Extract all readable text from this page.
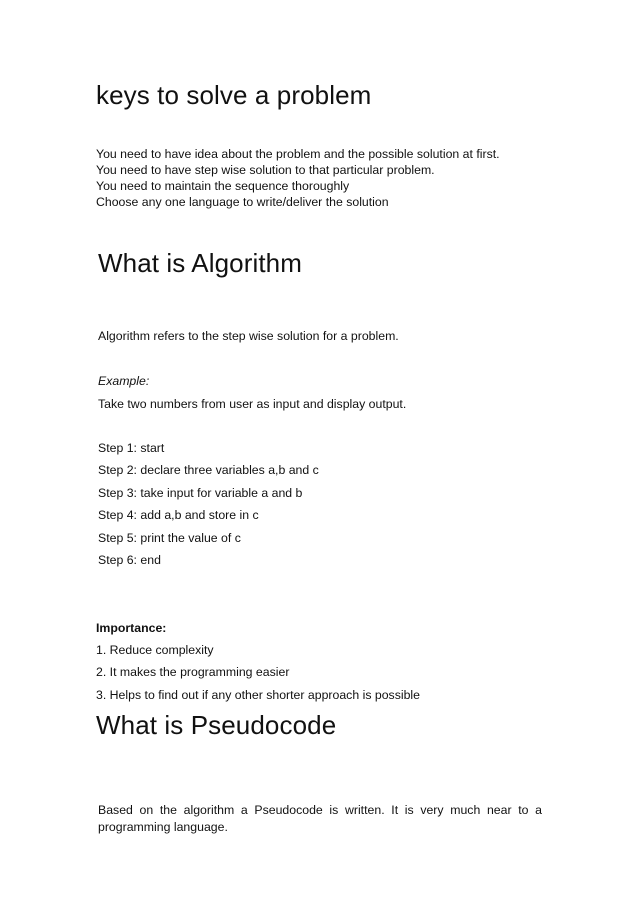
keys to solve a problem

You need to have idea about the problem and the possible solution at first.

You need to have step wise solution to that particular problem.

You need to maintain the sequence thoroughly

Choose any one language to write/deliver the solution

What is Algorithm

Algorithm refers to the step wise solution for a problem.

Example:

Take two numbers from user as input and display output.

Step 1: start

Step 2: declare three variables a,b and c

Step 3: take input for variable a and b

Step 4: add a,b and store in c

Step 5: print the value of c

Step 6: end

Importance:

1. Reduce complexity

2. It makes the programming easier

3. Helps to find out if any other shorter approach is possible

What is Pseudocode

Based on the algorithm a Pseudocode is written. It is very much near to a programming language.
